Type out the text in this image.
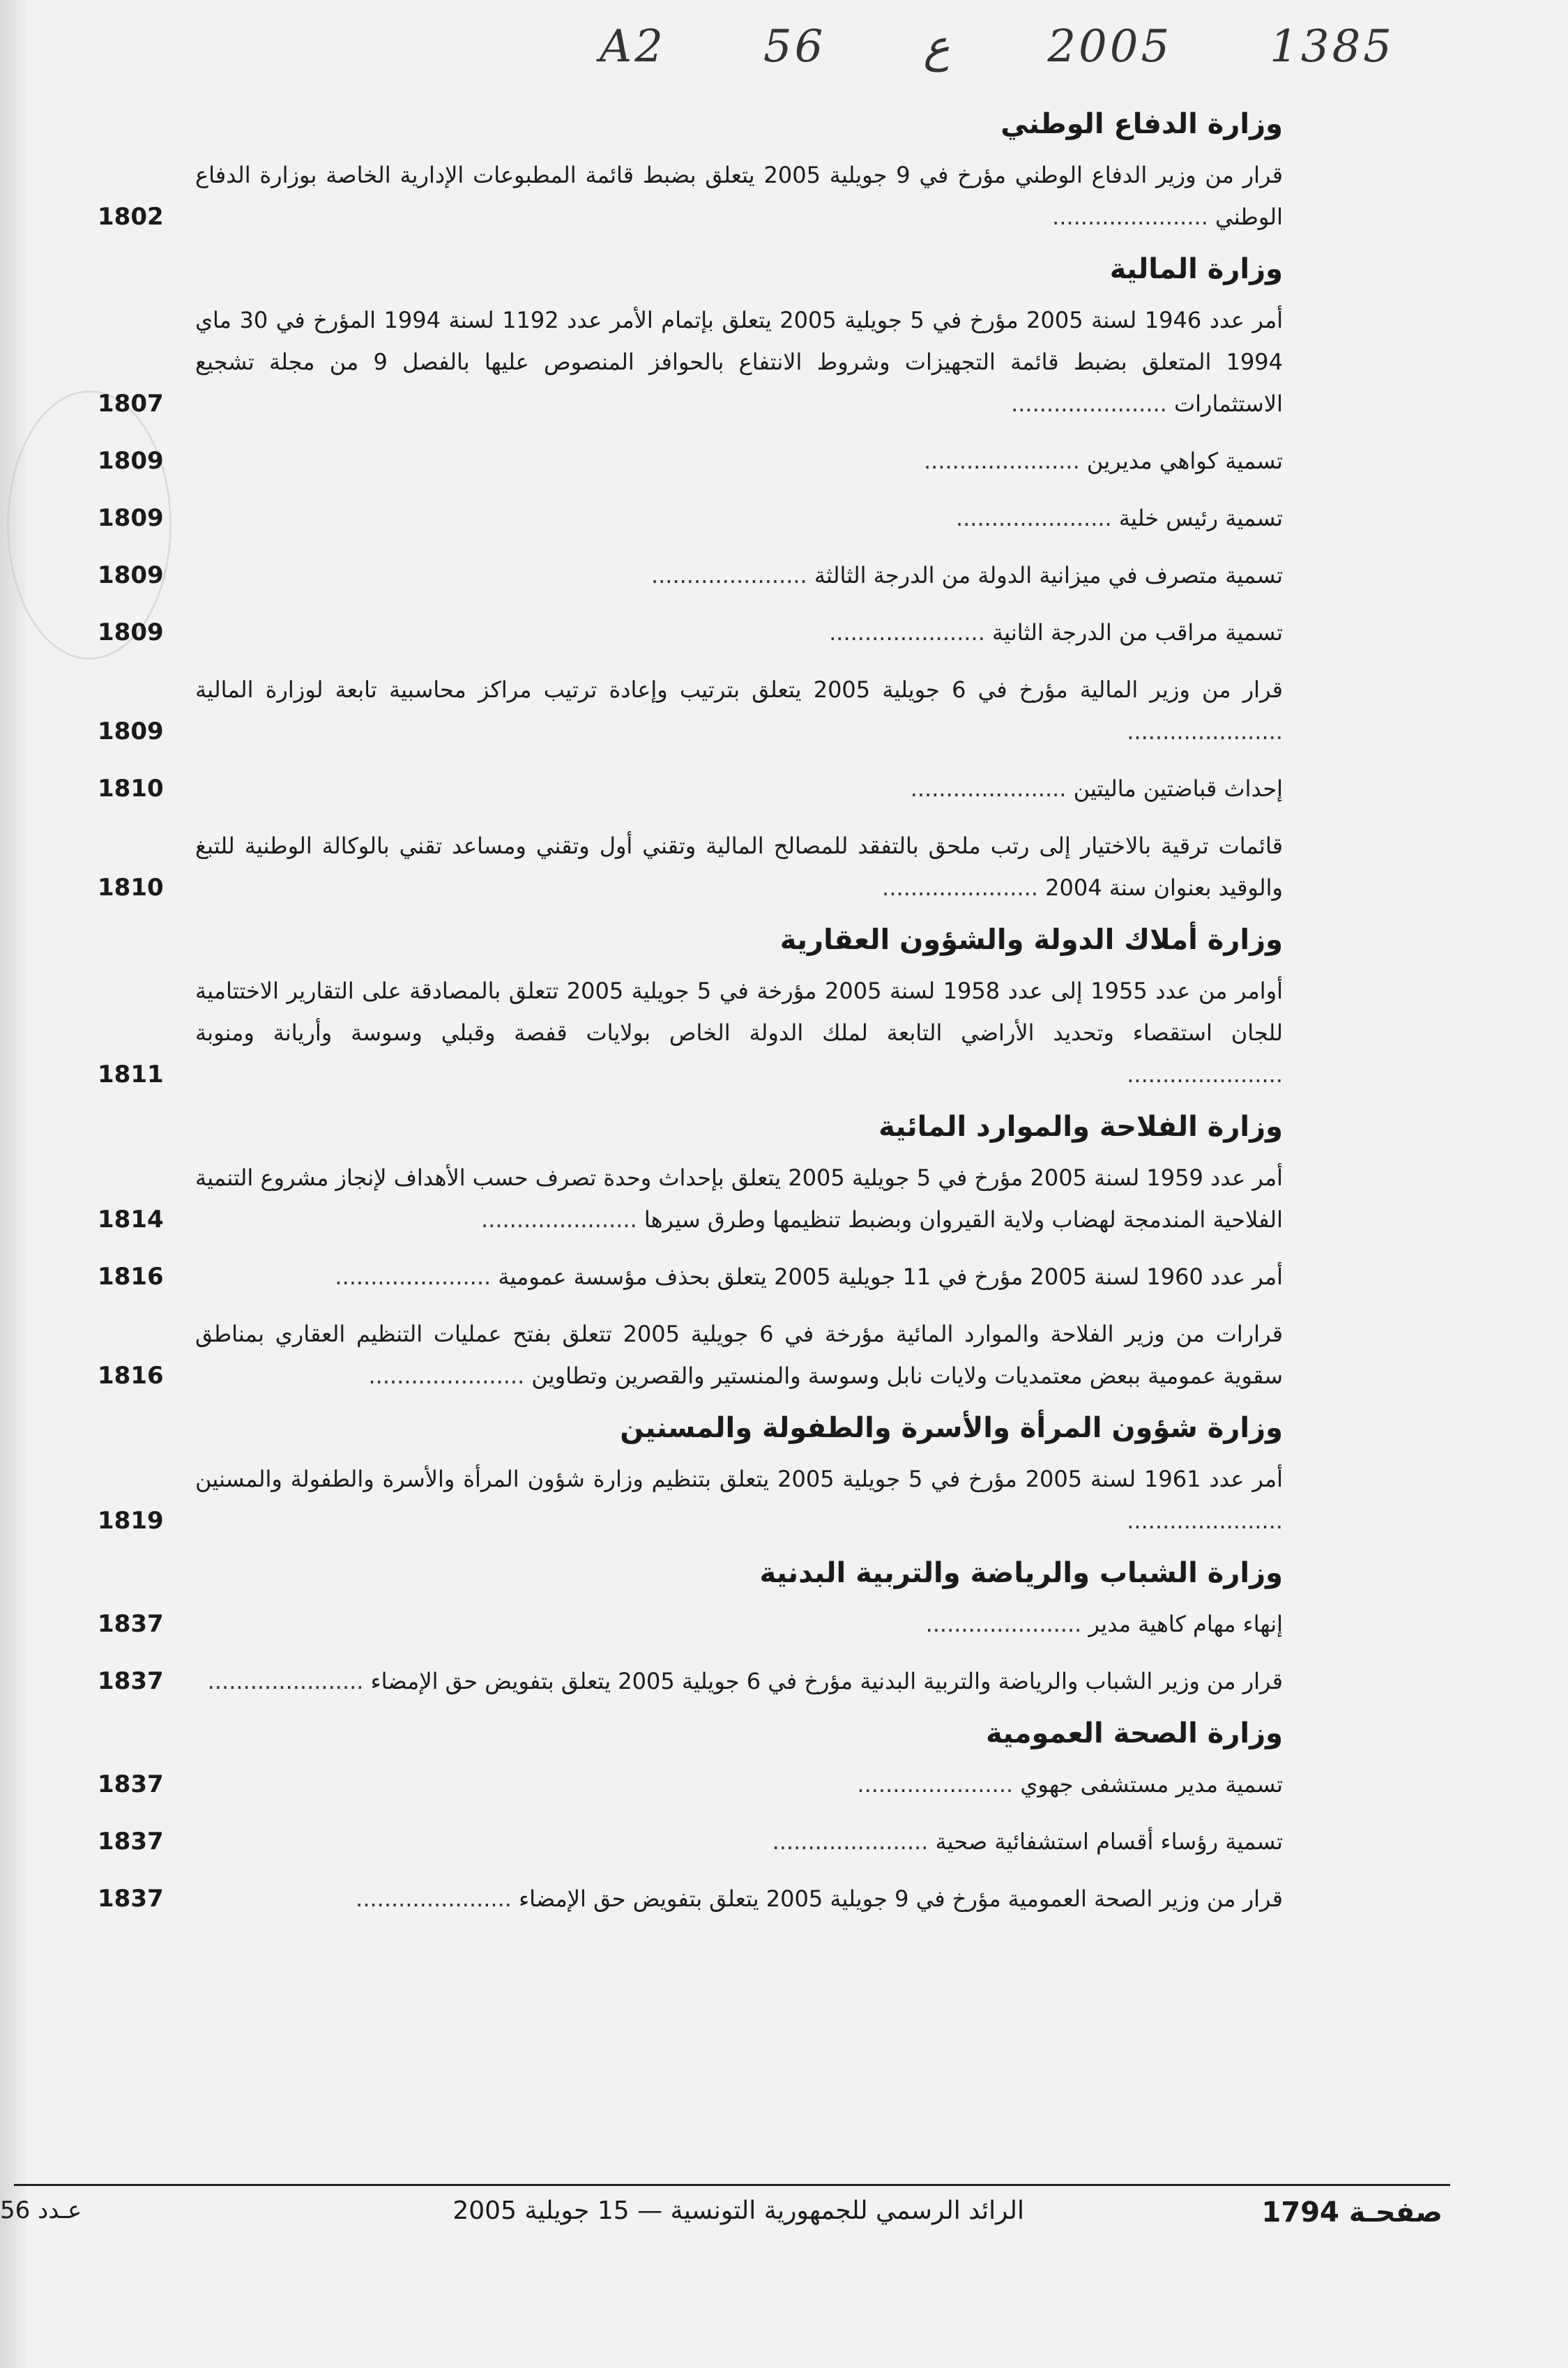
A2 56 ع 2005 1385
وزارة الدفاع الوطني
قرار من وزير الدفاع الوطني مؤرخ في 9 جويلية 2005 يتعلق بضبط قائمة المطبوعات الإدارية الخاصة بوزارة الدفاع الوطني ......................
1802
وزارة المالية
أمر عدد 1946 لسنة 2005 مؤرخ في 5 جويلية 2005 يتعلق بإتمام الأمر عدد 1192 لسنة 1994 المؤرخ في 30 ماي 1994 المتعلق بضبط قائمة التجهيزات وشروط الانتفاع بالحوافز المنصوص عليها بالفصل 9 من مجلة تشجيع الاستثمارات ......................
1807
تسمية كواهي مديرين ......................
1809
تسمية رئيس خلية ......................
1809
تسمية متصرف في ميزانية الدولة من الدرجة الثالثة ......................
1809
تسمية مراقب من الدرجة الثانية ......................
1809
قرار من وزير المالية مؤرخ في 6 جويلية 2005 يتعلق بترتيب وإعادة ترتيب مراكز محاسبية تابعة لوزارة المالية ......................
1809
إحداث قباضتين ماليتين ......................
1810
قائمات ترقية بالاختيار إلى رتب ملحق بالتفقد للمصالح المالية وتقني أول وتقني ومساعد تقني بالوكالة الوطنية للتبغ والوقيد بعنوان سنة 2004 ......................
1810
وزارة أملاك الدولة والشؤون العقارية
أوامر من عدد 1955 إلى عدد 1958 لسنة 2005 مؤرخة في 5 جويلية 2005 تتعلق بالمصادقة على التقارير الاختتامية للجان استقصاء وتحديد الأراضي التابعة لملك الدولة الخاص بولايات قفصة وقبلي وسوسة وأريانة ومنوبة ......................
1811
وزارة الفلاحة والموارد المائية
أمر عدد 1959 لسنة 2005 مؤرخ في 5 جويلية 2005 يتعلق بإحداث وحدة تصرف حسب الأهداف لإنجاز مشروع التنمية الفلاحية المندمجة لهضاب ولاية القيروان وبضبط تنظيمها وطرق سيرها ......................
1814
أمر عدد 1960 لسنة 2005 مؤرخ في 11 جويلية 2005 يتعلق بحذف مؤسسة عمومية ......................
1816
قرارات من وزير الفلاحة والموارد المائية مؤرخة في 6 جويلية 2005 تتعلق بفتح عمليات التنظيم العقاري بمناطق سقوية عمومية ببعض معتمديات ولايات نابل وسوسة والمنستير والقصرين وتطاوين ......................
1816
وزارة شؤون المرأة والأسرة والطفولة والمسنين
أمر عدد 1961 لسنة 2005 مؤرخ في 5 جويلية 2005 يتعلق بتنظيم وزارة شؤون المرأة والأسرة والطفولة والمسنين ......................
1819
وزارة الشباب والرياضة والتربية البدنية
إنهاء مهام كاهية مدير ......................
1837
قرار من وزير الشباب والرياضة والتربية البدنية مؤرخ في 6 جويلية 2005 يتعلق بتفويض حق الإمضاء ......................
1837
وزارة الصحة العمومية
تسمية مدير مستشفى جهوي ......................
1837
تسمية رؤساء أقسام استشفائية صحية ......................
1837
قرار من وزير الصحة العمومية مؤرخ في 9 جويلية 2005 يتعلق بتفويض حق الإمضاء ......................
1837
صفحـة 1794
الرائد الرسمي للجمهورية التونسية — 15 جويلية 2005
عـدد 56
